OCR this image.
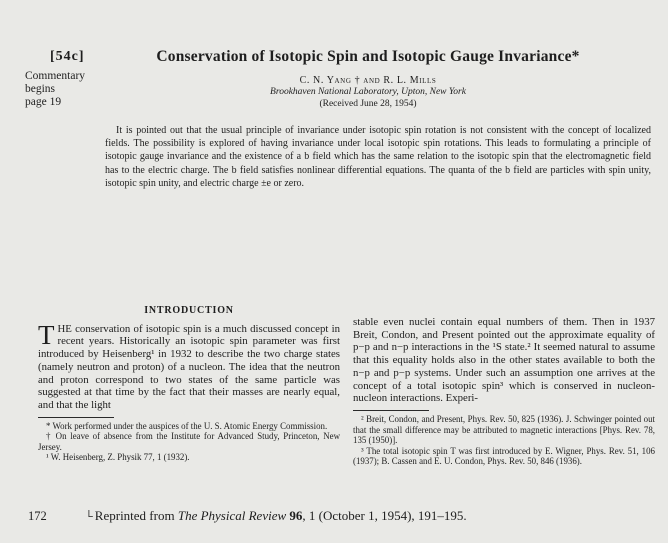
[54c]
Commentary
begins
page 19
Conservation of Isotopic Spin and Isotopic Gauge Invariance*
C. N. Yang † and R. L. Mills
Brookhaven National Laboratory, Upton, New York
(Received June 28, 1954)
It is pointed out that the usual principle of invariance under isotopic spin rotation is not consistent with the concept of localized fields. The possibility is explored of having invariance under local isotopic spin rotations. This leads to formulating a principle of isotopic gauge invariance and the existence of a b field which has the same relation to the isotopic spin that the electromagnetic field has to the electric charge. The b field satisfies nonlinear differential equations. The quanta of the b field are particles with spin unity, isotopic spin unity, and electric charge ±e or zero.
INTRODUCTION

THE conservation of isotopic spin is a much discussed concept in recent years. Historically an isotopic spin parameter was first introduced by Heisenberg¹ in 1932 to describe the two charge states (namely neutron and proton) of a nucleon. The idea that the neutron and proton correspond to two states of the same particle was suggested at that time by the fact that their masses are nearly equal, and that the light

* Work performed under the auspices of the U. S. Atomic Energy Commission.

† On leave of absence from the Institute for Advanced Study, Princeton, New Jersey.

¹ W. Heisenberg, Z. Physik 77, 1 (1932).

stable even nuclei contain equal numbers of them. Then in 1937 Breit, Condon, and Present pointed out the approximate equality of p−p and n−p interactions in the ¹S state.² It seemed natural to assume that this equality holds also in the other states available to both the n−p and p−p systems. Under such an assumption one arrives at the concept of a total isotopic spin³ which is conserved in nucleon-nucleon interactions. Experi-

² Breit, Condon, and Present, Phys. Rev. 50, 825 (1936). J. Schwinger pointed out that the small difference may be attributed to magnetic interactions [Phys. Rev. 78, 135 (1950)].

³ The total isotopic spin T was first introduced by E. Wigner, Phys. Rev. 51, 106 (1937); B. Cassen and E. U. Condon, Phys. Rev. 50, 846 (1936).

172	└ Reprinted from The Physical Review 96, 1 (October 1, 1954), 191–195.
